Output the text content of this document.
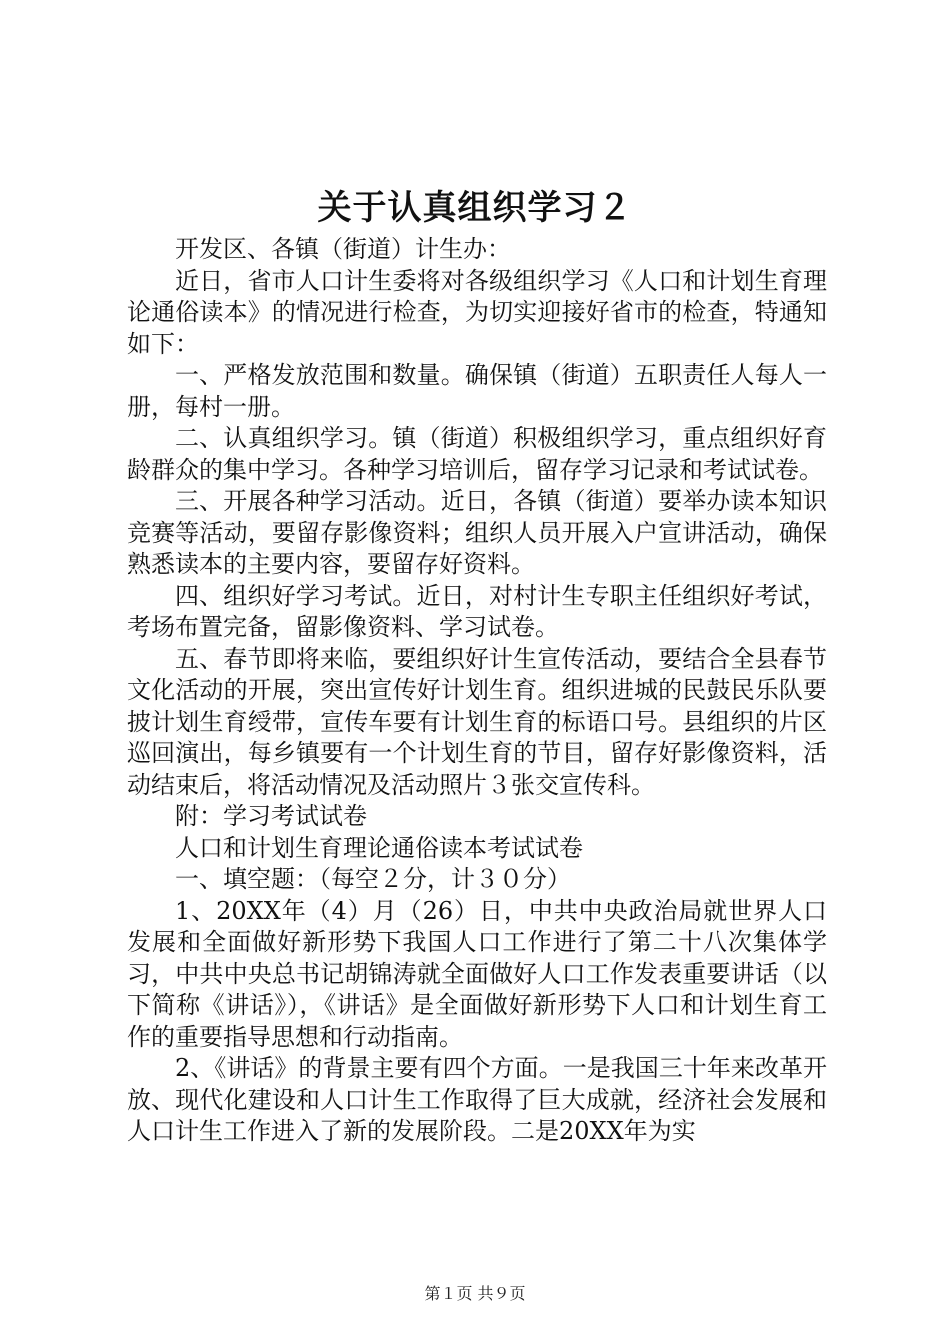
关于认真组织学习２

开发区、各镇（街道）计生办：

近日，省市人口计生委将对各级组织学习《人口和计划生育理论通俗读本》的情况进行检查，为切实迎接好省市的检查，特通知如下：

一、严格发放范围和数量。确保镇（街道）五职责任人每人一册，每村一册。

二、认真组织学习。镇（街道）积极组织学习，重点组织好育龄群众的集中学习。各种学习培训后，留存学习记录和考试试卷。

三、开展各种学习活动。近日，各镇（街道）要举办读本知识竞赛等活动，要留存影像资料；组织人员开展入户宣讲活动，确保熟悉读本的主要内容，要留存好资料。

四、组织好学习考试。近日，对村计生专职主任组织好考试，考场布置完备，留影像资料、学习试卷。

五、春节即将来临，要组织好计生宣传活动，要结合全县春节文化活动的开展，突出宣传好计划生育。组织进城的民鼓民乐队要披计划生育绶带，宣传车要有计划生育的标语口号。县组织的片区巡回演出，每乡镇要有一个计划生育的节目，留存好影像资料，活动结束后，将活动情况及活动照片３张交宣传科。

附：学习考试试卷

人口和计划生育理论通俗读本考试试卷

一、填空题：（每空２分，计３０分）

1、20XX年（4）月（26）日，中共中央政治局就世界人口发展和全面做好新形势下我国人口工作进行了第二十八次集体学习，中共中央总书记胡锦涛就全面做好人口工作发表重要讲话（以下简称《讲话》），《讲话》是全面做好新形势下人口和计划生育工作的重要指导思想和行动指南。

2、《讲话》的背景主要有四个方面。一是我国三十年来改革开放、现代化建设和人口计生工作取得了巨大成就，经济社会发展和人口计生工作进入了新的发展阶段。二是20XX年为实

第１页 共９页
